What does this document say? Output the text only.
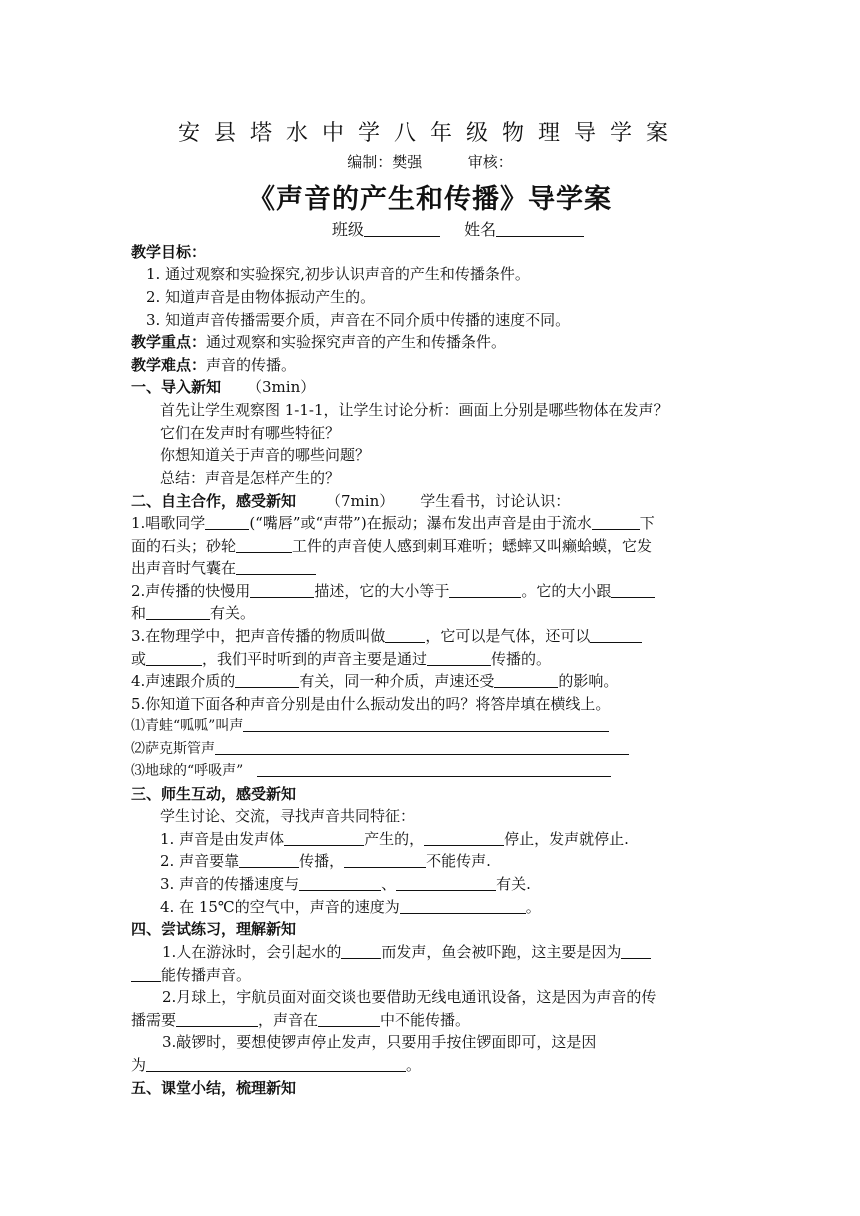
安县塔水中学八年级物理导学案
编制：樊强	审核：
《声音的产生和传播》导学案
班级	姓名
教学目标：
1. 通过观察和实验探究,初步认识声音的产生和传播条件。
2. 知道声音是由物体振动产生的。
3. 知道声音传播需要介质，声音在不同介质中传播的速度不同。
教学重点：通过观察和实验探究声音的产生和传播条件。
教学难点：声音的传播。
一、导入新知 （3min）
首先让学生观察图 1-1-1，让学生讨论分析：画面上分别是哪些物体在发声？
它们在发声时有哪些特征？
你想知道关于声音的哪些问题？
总结：声音是怎样产生的？
二、自主合作，感受新知 （7min） 学生看书，讨论认识：
1.唱歌同学	(“嘴唇”或“声带”)在振动；瀑布发出声音是由于流水	下
面的石头；砂轮	工件的声音使人感到刺耳难听；蟋蟀又叫癞蛤蟆，它发
出声音时气囊在
2.声传播的快慢用	描述，它的大小等于	。它的大小跟
和	有关。
3.在物理学中，把声音传播的物质叫做	，它可以是气体，还可以
或	，我们平时听到的声音主要是通过	传播的。
4.声速跟介质的	有关，同一种介质，声速还受	的影响。
5.你知道下面各种声音分别是由什么振动发出的吗？将答岸填在横线上。
⑴青蛙“呱呱”叫声
⑵萨克斯管声
⑶地球的“呼吸声”
三、师生互动，感受新知
学生讨论、交流，寻找声音共同特征：
1. 声音是由发声体	产生的，	停止，发声就停止.
2. 声音要靠	传播，	不能传声.
3. 声音的传播速度与	、	有关.
4. 在 15℃的空气中，声音的速度为	。
四、尝试练习，理解新知
1.人在游泳时，会引起水的	而发声，鱼会被吓跑，这主要是因为
能传播声音。
2.月球上，宇航员面对面交谈也要借助无线电通讯设备，这是因为声音的传
播需要	，声音在	中不能传播。
3.敲锣时，要想使锣声停止发声，只要用手按住锣面即可，这是因
为	。
五、课堂小结，梳理新知
